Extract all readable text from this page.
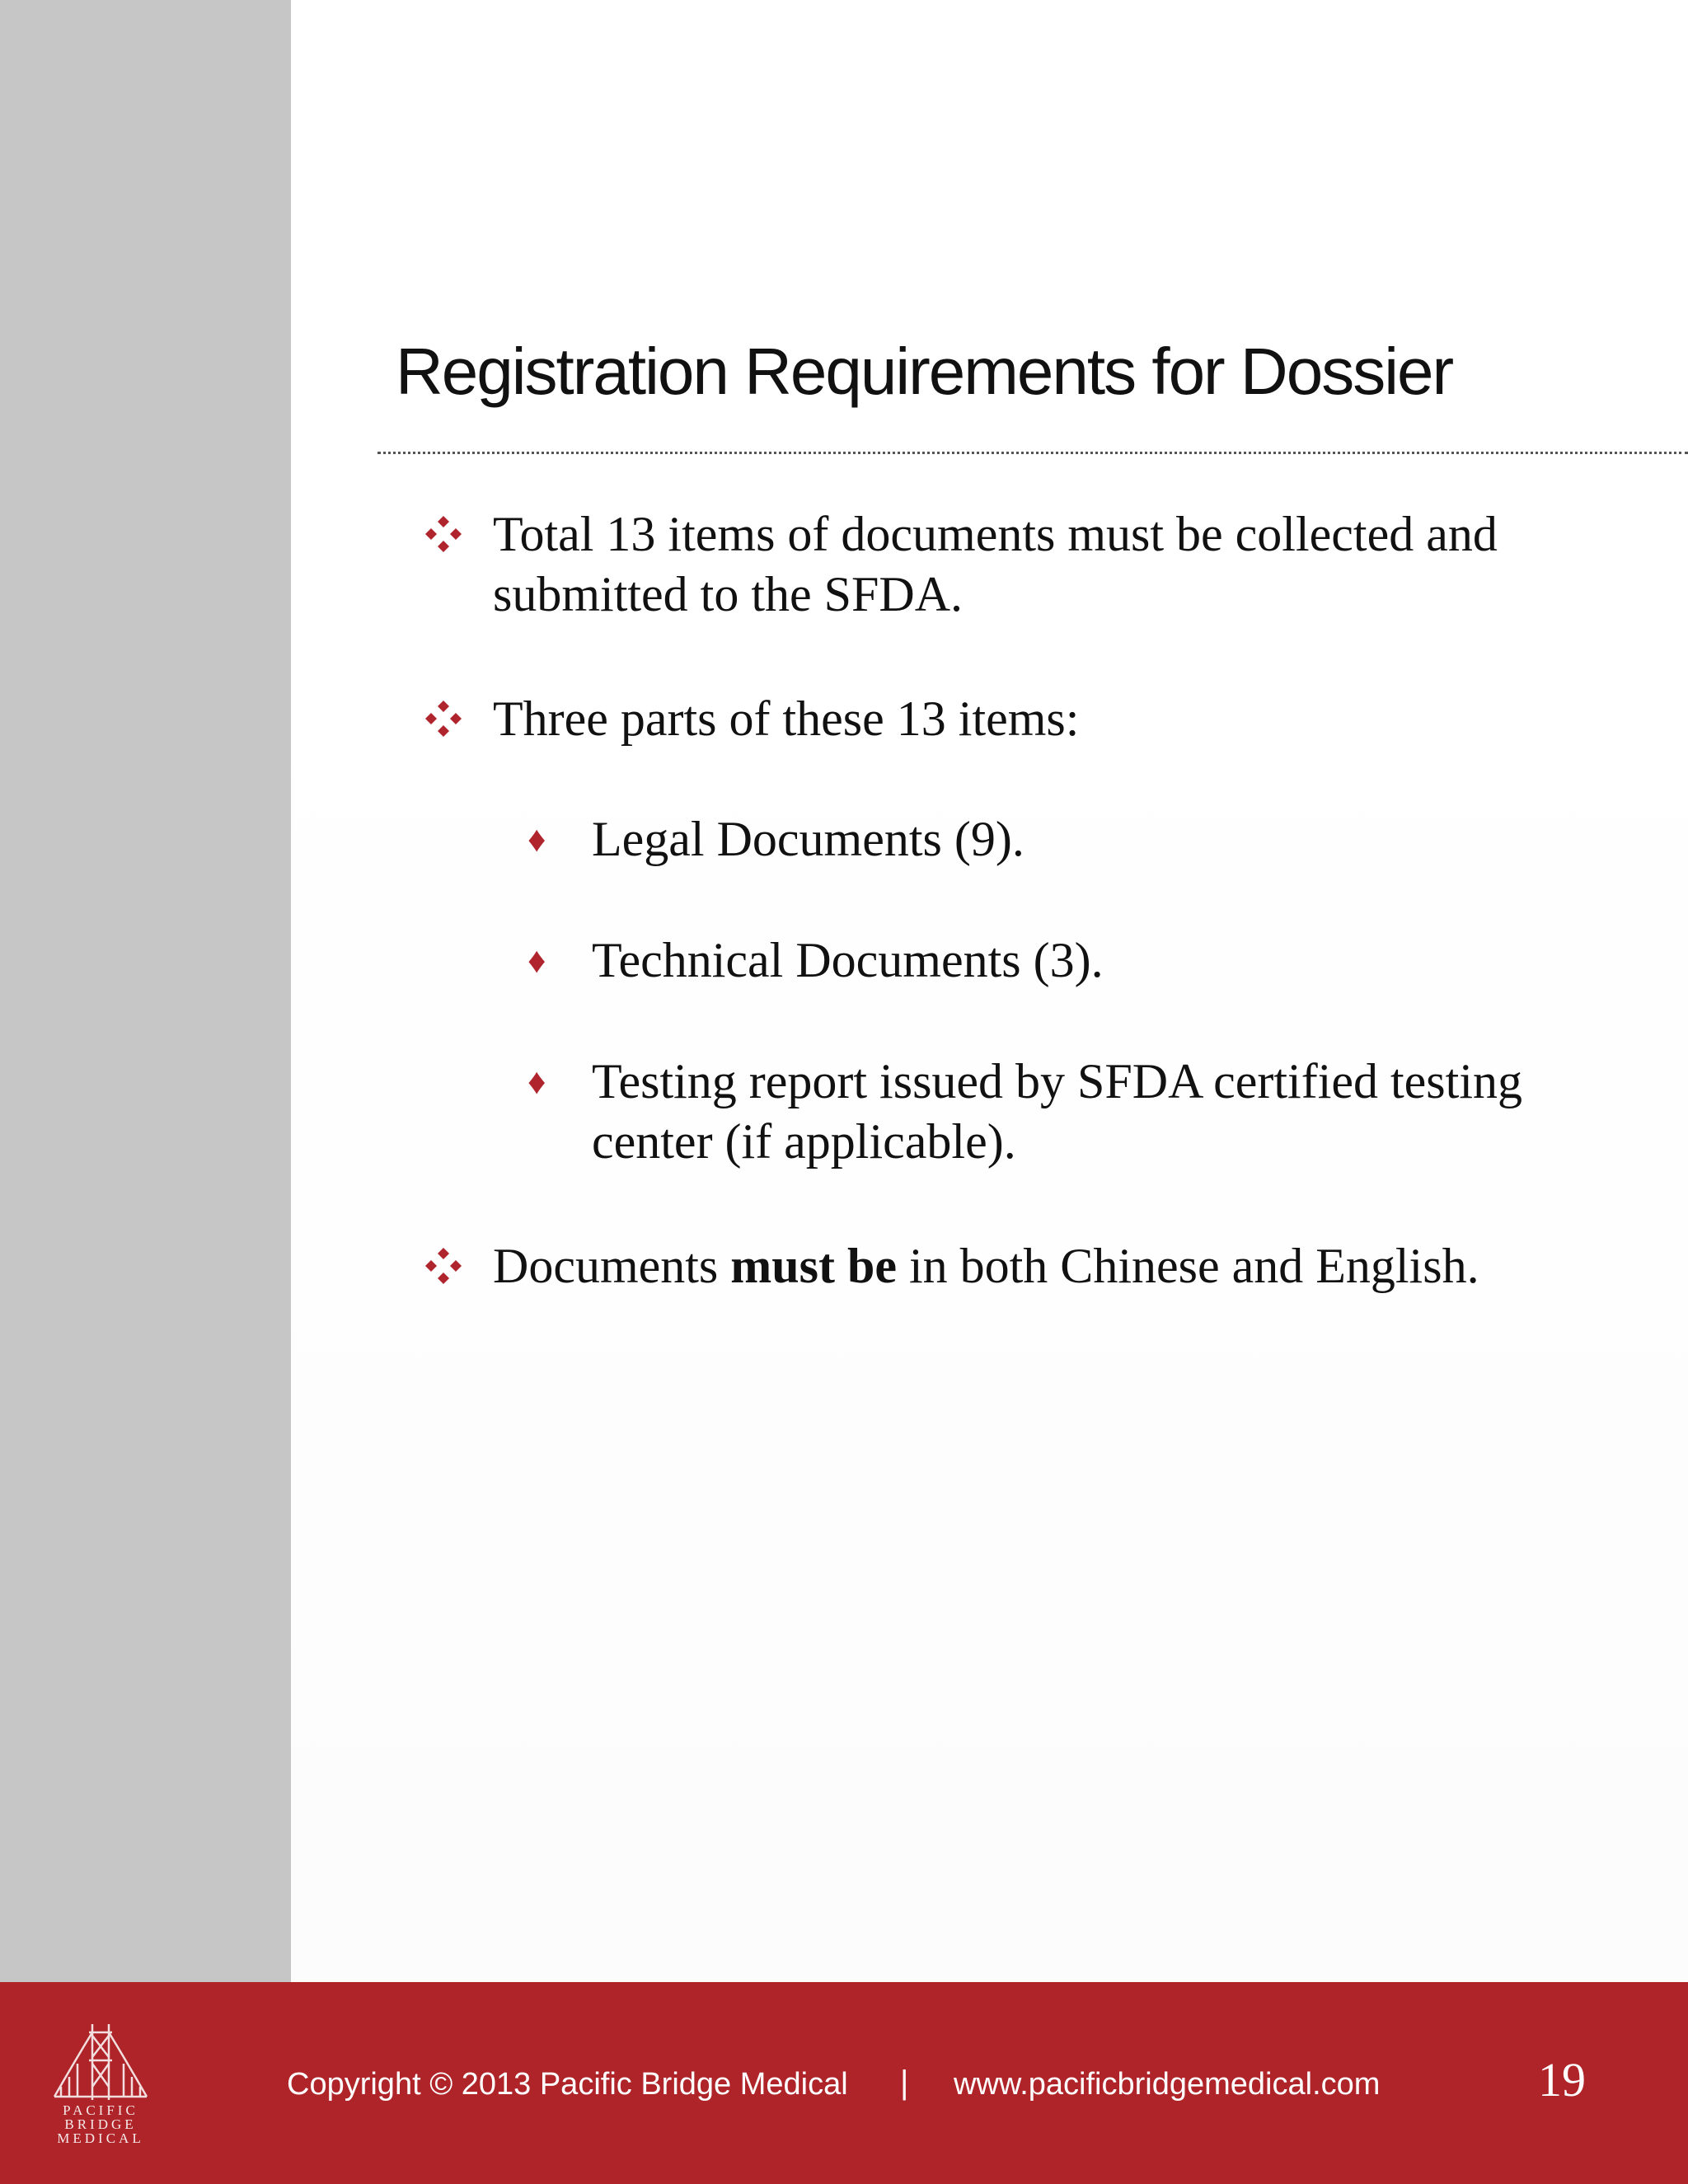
Registration Requirements for Dossier
Total 13 items of documents must be collected and
submitted to the SFDA.
Three parts of these 13 items:
♦ Legal Documents (9).
♦ Technical Documents (3).
♦ Testing report issued by SFDA certified testing
center (if applicable).
Documents must be in both Chinese and English.
PACIFIC
BRIDGE
MEDICAL
Copyright © 2013 Pacific Bridge Medical | www.pacificbridgemedical.com	19
